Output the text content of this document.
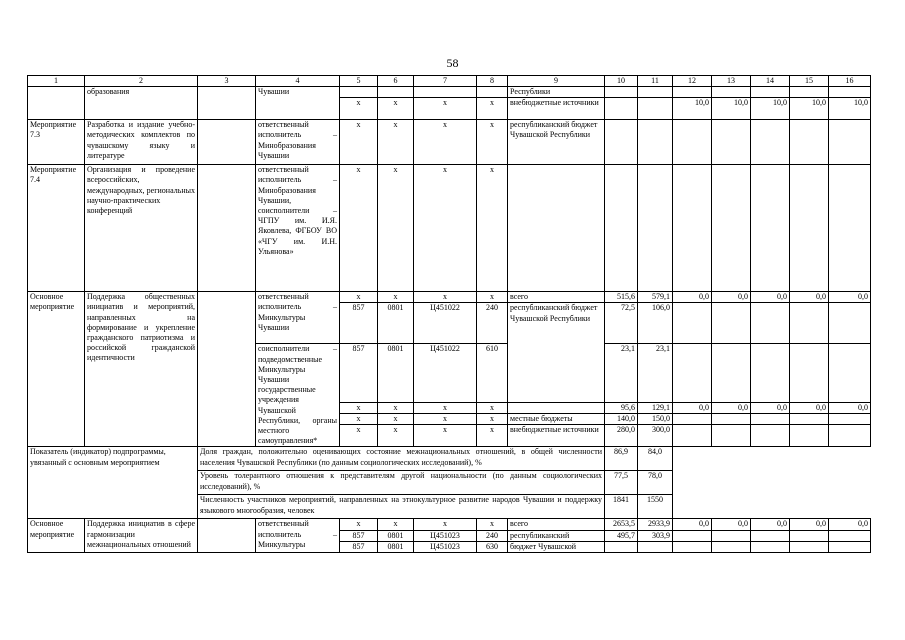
58
1	2	3	4	5	6	7	8	9	10	11	12	13	14	15	16
	образования		Чувашии					Республики							
				х	х	х	х	внебюджетные источники			10,0	10,0	10,0	10,0	10,0
Мероприятие 7.3	Разработка и издание учебно-методических комплектов по чувашскому языку и литературе		ответственный исполнитель – Минобразования Чувашии	х	х	х	х	республиканский бюджет Чувашской Республики							
Мероприятие 7.4	Организация и проведение всероссийских, международных, региональных научно-практических конференций		ответственный исполнитель – Минобразования Чувашии, соисполнители – ЧГПУ им. И.Я. Яковлева, ФГБОУ ВО «ЧГУ им. И.Н. Ульянова»	х	х	х	х								
Основное мероприятие	Поддержка общественных инициатив и мероприятий, направленных на формирование и укрепление гражданского патриотизма и российской гражданской идентичности		ответственный исполнитель – Минкультуры Чувашии	х	х	х	х	всего	515,6	579,1	0,0	0,0	0,0	0,0	0,0
				857	0801	Ц451022	240	республиканский бюджет Чувашской Республики	72,5	106,0					
			соисполнители – подведомственные Минкультуры Чувашии государственные учреждения Чувашской Республики, органы местного самоуправления*	857	0801	Ц451022	610		23,1	23,1					
				х	х	х	х		95,6	129,1	0,0	0,0	0,0	0,0	0,0
				х	х	х	х	местные бюджеты	140,0	150,0					
				х	х	х	х	внебюджетные источники	280,0	300,0					
Показатель (индикатор) подпрограммы, увязанный с основным мероприятием		Доля граждан, положительно оценивающих состояние межнациональных отношений, в общей численности населения Чувашской Республики (по данным социологических исследований), %							86,9	84,0					
		Уровень толерантного отношения к представителям другой национальности (по данным социологических исследований), %							77,5	78,0					
		Численность участников мероприятий, направленных на этнокультурное развитие народов Чувашии и поддержку языкового многообразия, человек							1841	1550					
Основное мероприятие	Поддержка инициатив в сфере гармонизации межнациональных отношений		ответственный исполнитель – Минкультуры	х	х	х	х	всего	2653,5	2933,9	0,0	0,0	0,0	0,0	0,0
				857	0801	Ц451023	240	республиканский	495,7	303,9					
				857	0801	Ц451023	630	бюджет Чувашской							
